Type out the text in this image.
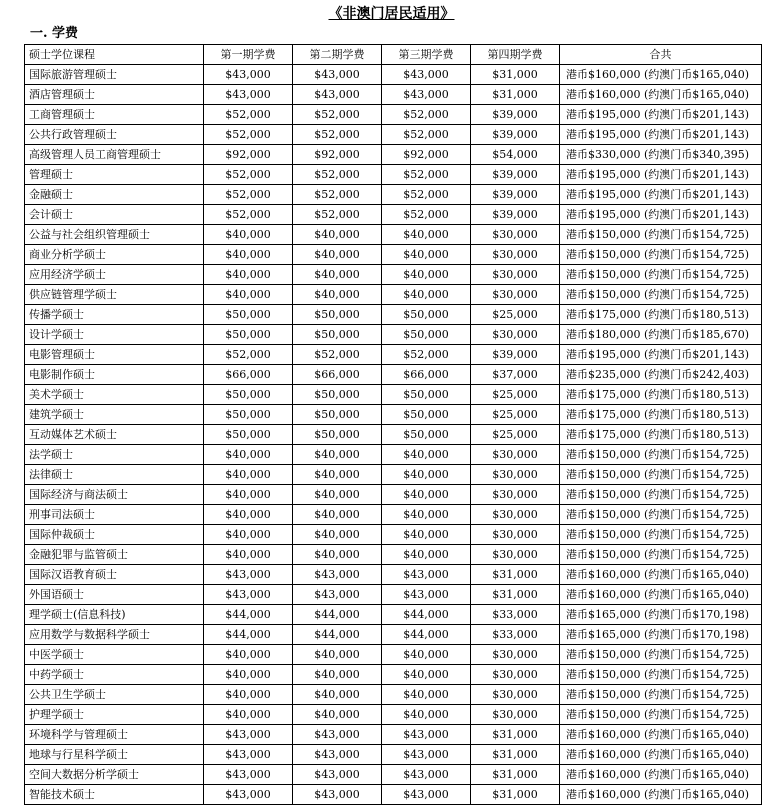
《非澳门居民适用》
一. 学费
硕士学位课程	第一期学费	第二期学费	第三期学费	第四期学费	合共
国际旅游管理硕士	$43,000	$43,000	$43,000	$31,000	港币$160,000 (约澳门币$165,040)
酒店管理硕士	$43,000	$43,000	$43,000	$31,000	港币$160,000 (约澳门币$165,040)
工商管理硕士	$52,000	$52,000	$52,000	$39,000	港币$195,000 (约澳门币$201,143)
公共行政管理硕士	$52,000	$52,000	$52,000	$39,000	港币$195,000 (约澳门币$201,143)
高级管理人员工商管理硕士	$92,000	$92,000	$92,000	$54,000	港币$330,000 (约澳门币$340,395)
管理硕士	$52,000	$52,000	$52,000	$39,000	港币$195,000 (约澳门币$201,143)
金融硕士	$52,000	$52,000	$52,000	$39,000	港币$195,000 (约澳门币$201,143)
会计硕士	$52,000	$52,000	$52,000	$39,000	港币$195,000 (约澳门币$201,143)
公益与社会组织管理硕士	$40,000	$40,000	$40,000	$30,000	港币$150,000 (约澳门币$154,725)
商业分析学硕士	$40,000	$40,000	$40,000	$30,000	港币$150,000 (约澳门币$154,725)
应用经济学硕士	$40,000	$40,000	$40,000	$30,000	港币$150,000 (约澳门币$154,725)
供应链管理学硕士	$40,000	$40,000	$40,000	$30,000	港币$150,000 (约澳门币$154,725)
传播学硕士	$50,000	$50,000	$50,000	$25,000	港币$175,000 (约澳门币$180,513)
设计学硕士	$50,000	$50,000	$50,000	$30,000	港币$180,000 (约澳门币$185,670)
电影管理硕士	$52,000	$52,000	$52,000	$39,000	港币$195,000 (约澳门币$201,143)
电影制作硕士	$66,000	$66,000	$66,000	$37,000	港币$235,000 (约澳门币$242,403)
美术学硕士	$50,000	$50,000	$50,000	$25,000	港币$175,000 (约澳门币$180,513)
建筑学硕士	$50,000	$50,000	$50,000	$25,000	港币$175,000 (约澳门币$180,513)
互动媒体艺术硕士	$50,000	$50,000	$50,000	$25,000	港币$175,000 (约澳门币$180,513)
法学硕士	$40,000	$40,000	$40,000	$30,000	港币$150,000 (约澳门币$154,725)
法律硕士	$40,000	$40,000	$40,000	$30,000	港币$150,000 (约澳门币$154,725)
国际经济与商法硕士	$40,000	$40,000	$40,000	$30,000	港币$150,000 (约澳门币$154,725)
刑事司法硕士	$40,000	$40,000	$40,000	$30,000	港币$150,000 (约澳门币$154,725)
国际仲裁硕士	$40,000	$40,000	$40,000	$30,000	港币$150,000 (约澳门币$154,725)
金融犯罪与监管硕士	$40,000	$40,000	$40,000	$30,000	港币$150,000 (约澳门币$154,725)
国际汉语教育硕士	$43,000	$43,000	$43,000	$31,000	港币$160,000 (约澳门币$165,040)
外国语硕士	$43,000	$43,000	$43,000	$31,000	港币$160,000 (约澳门币$165,040)
理学硕士(信息科技)	$44,000	$44,000	$44,000	$33,000	港币$165,000 (约澳门币$170,198)
应用数学与数据科学硕士	$44,000	$44,000	$44,000	$33,000	港币$165,000 (约澳门币$170,198)
中医学硕士	$40,000	$40,000	$40,000	$30,000	港币$150,000 (约澳门币$154,725)
中药学硕士	$40,000	$40,000	$40,000	$30,000	港币$150,000 (约澳门币$154,725)
公共卫生学硕士	$40,000	$40,000	$40,000	$30,000	港币$150,000 (约澳门币$154,725)
护理学硕士	$40,000	$40,000	$40,000	$30,000	港币$150,000 (约澳门币$154,725)
环境科学与管理硕士	$43,000	$43,000	$43,000	$31,000	港币$160,000 (约澳门币$165,040)
地球与行星科学硕士	$43,000	$43,000	$43,000	$31,000	港币$160,000 (约澳门币$165,040)
空间大数据分析学硕士	$43,000	$43,000	$43,000	$31,000	港币$160,000 (约澳门币$165,040)
智能技术硕士	$43,000	$43,000	$43,000	$31,000	港币$160,000 (约澳门币$165,040)
